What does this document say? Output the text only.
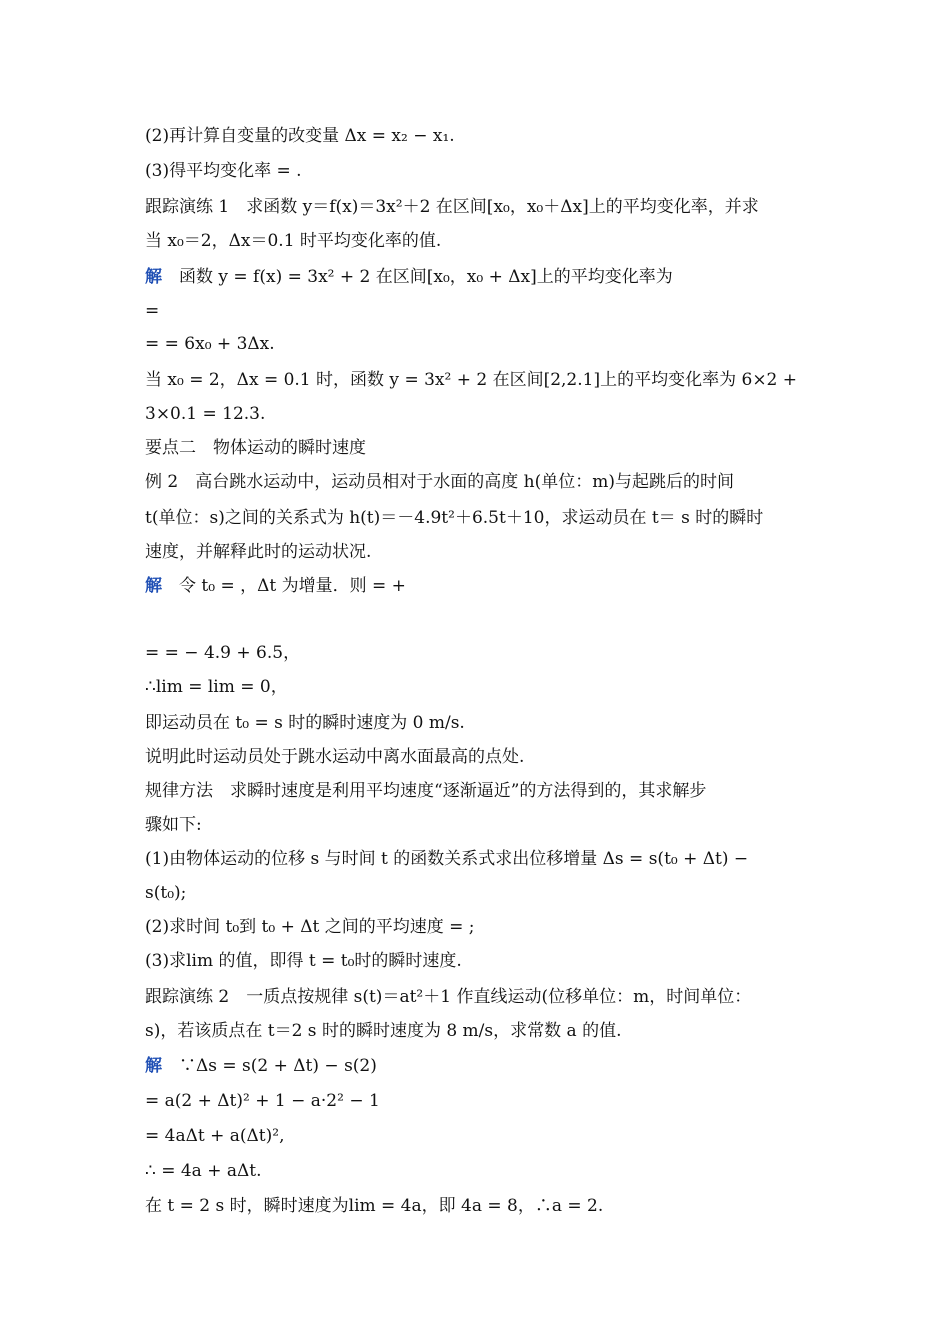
(2)再计算自变量的改变量 Δx = x₂ − x₁.
(3)得平均变化率 = .
跟踪演练 1　求函数 y＝f(x)＝3x²＋2 在区间[x₀，x₀＋Δx]上的平均变化率，并求
当 x₀＝2，Δx＝0.1 时平均变化率的值.
解　函数 y = f(x) = 3x² + 2 在区间[x₀，x₀ + Δx]上的平均变化率为
=
= = 6x₀ + 3Δx.
当 x₀ = 2，Δx = 0.1 时，函数 y = 3x² + 2 在区间[2,2.1]上的平均变化率为 6×2 +
3×0.1 = 12.3.
要点二　物体运动的瞬时速度
例 2　高台跳水运动中，运动员相对于水面的高度 h(单位：m)与起跳后的时间
t(单位：s)之间的关系式为 h(t)＝－4.9t²＋6.5t＋10，求运动员在 t＝ s 时的瞬时
速度，并解释此时的运动状况.
解　令 t₀ = ，Δt 为增量．则 = +
= = − 4.9 + 6.5，
∴lim = lim = 0，
即运动员在 t₀ = s 时的瞬时速度为 0 m/s.
说明此时运动员处于跳水运动中离水面最高的点处.
规律方法　求瞬时速度是利用平均速度“逐渐逼近”的方法得到的，其求解步
骤如下:
(1)由物体运动的位移 s 与时间 t 的函数关系式求出位移增量 Δs = s(t₀ + Δt) −
s(t₀);
(2)求时间 t₀到 t₀ + Δt 之间的平均速度 = ;
(3)求lim 的值，即得 t = t₀时的瞬时速度.
跟踪演练 2　一质点按规律 s(t)＝at²＋1 作直线运动(位移单位：m，时间单位：
s)，若该质点在 t＝2 s 时的瞬时速度为 8 m/s，求常数 a 的值.
解　∵Δs = s(2 + Δt) − s(2)
= a(2 + Δt)² + 1 − a·2² − 1
= 4aΔt + a(Δt)²,
∴ = 4a + aΔt.
在 t = 2 s 时，瞬时速度为lim = 4a，即 4a = 8，∴a = 2.
